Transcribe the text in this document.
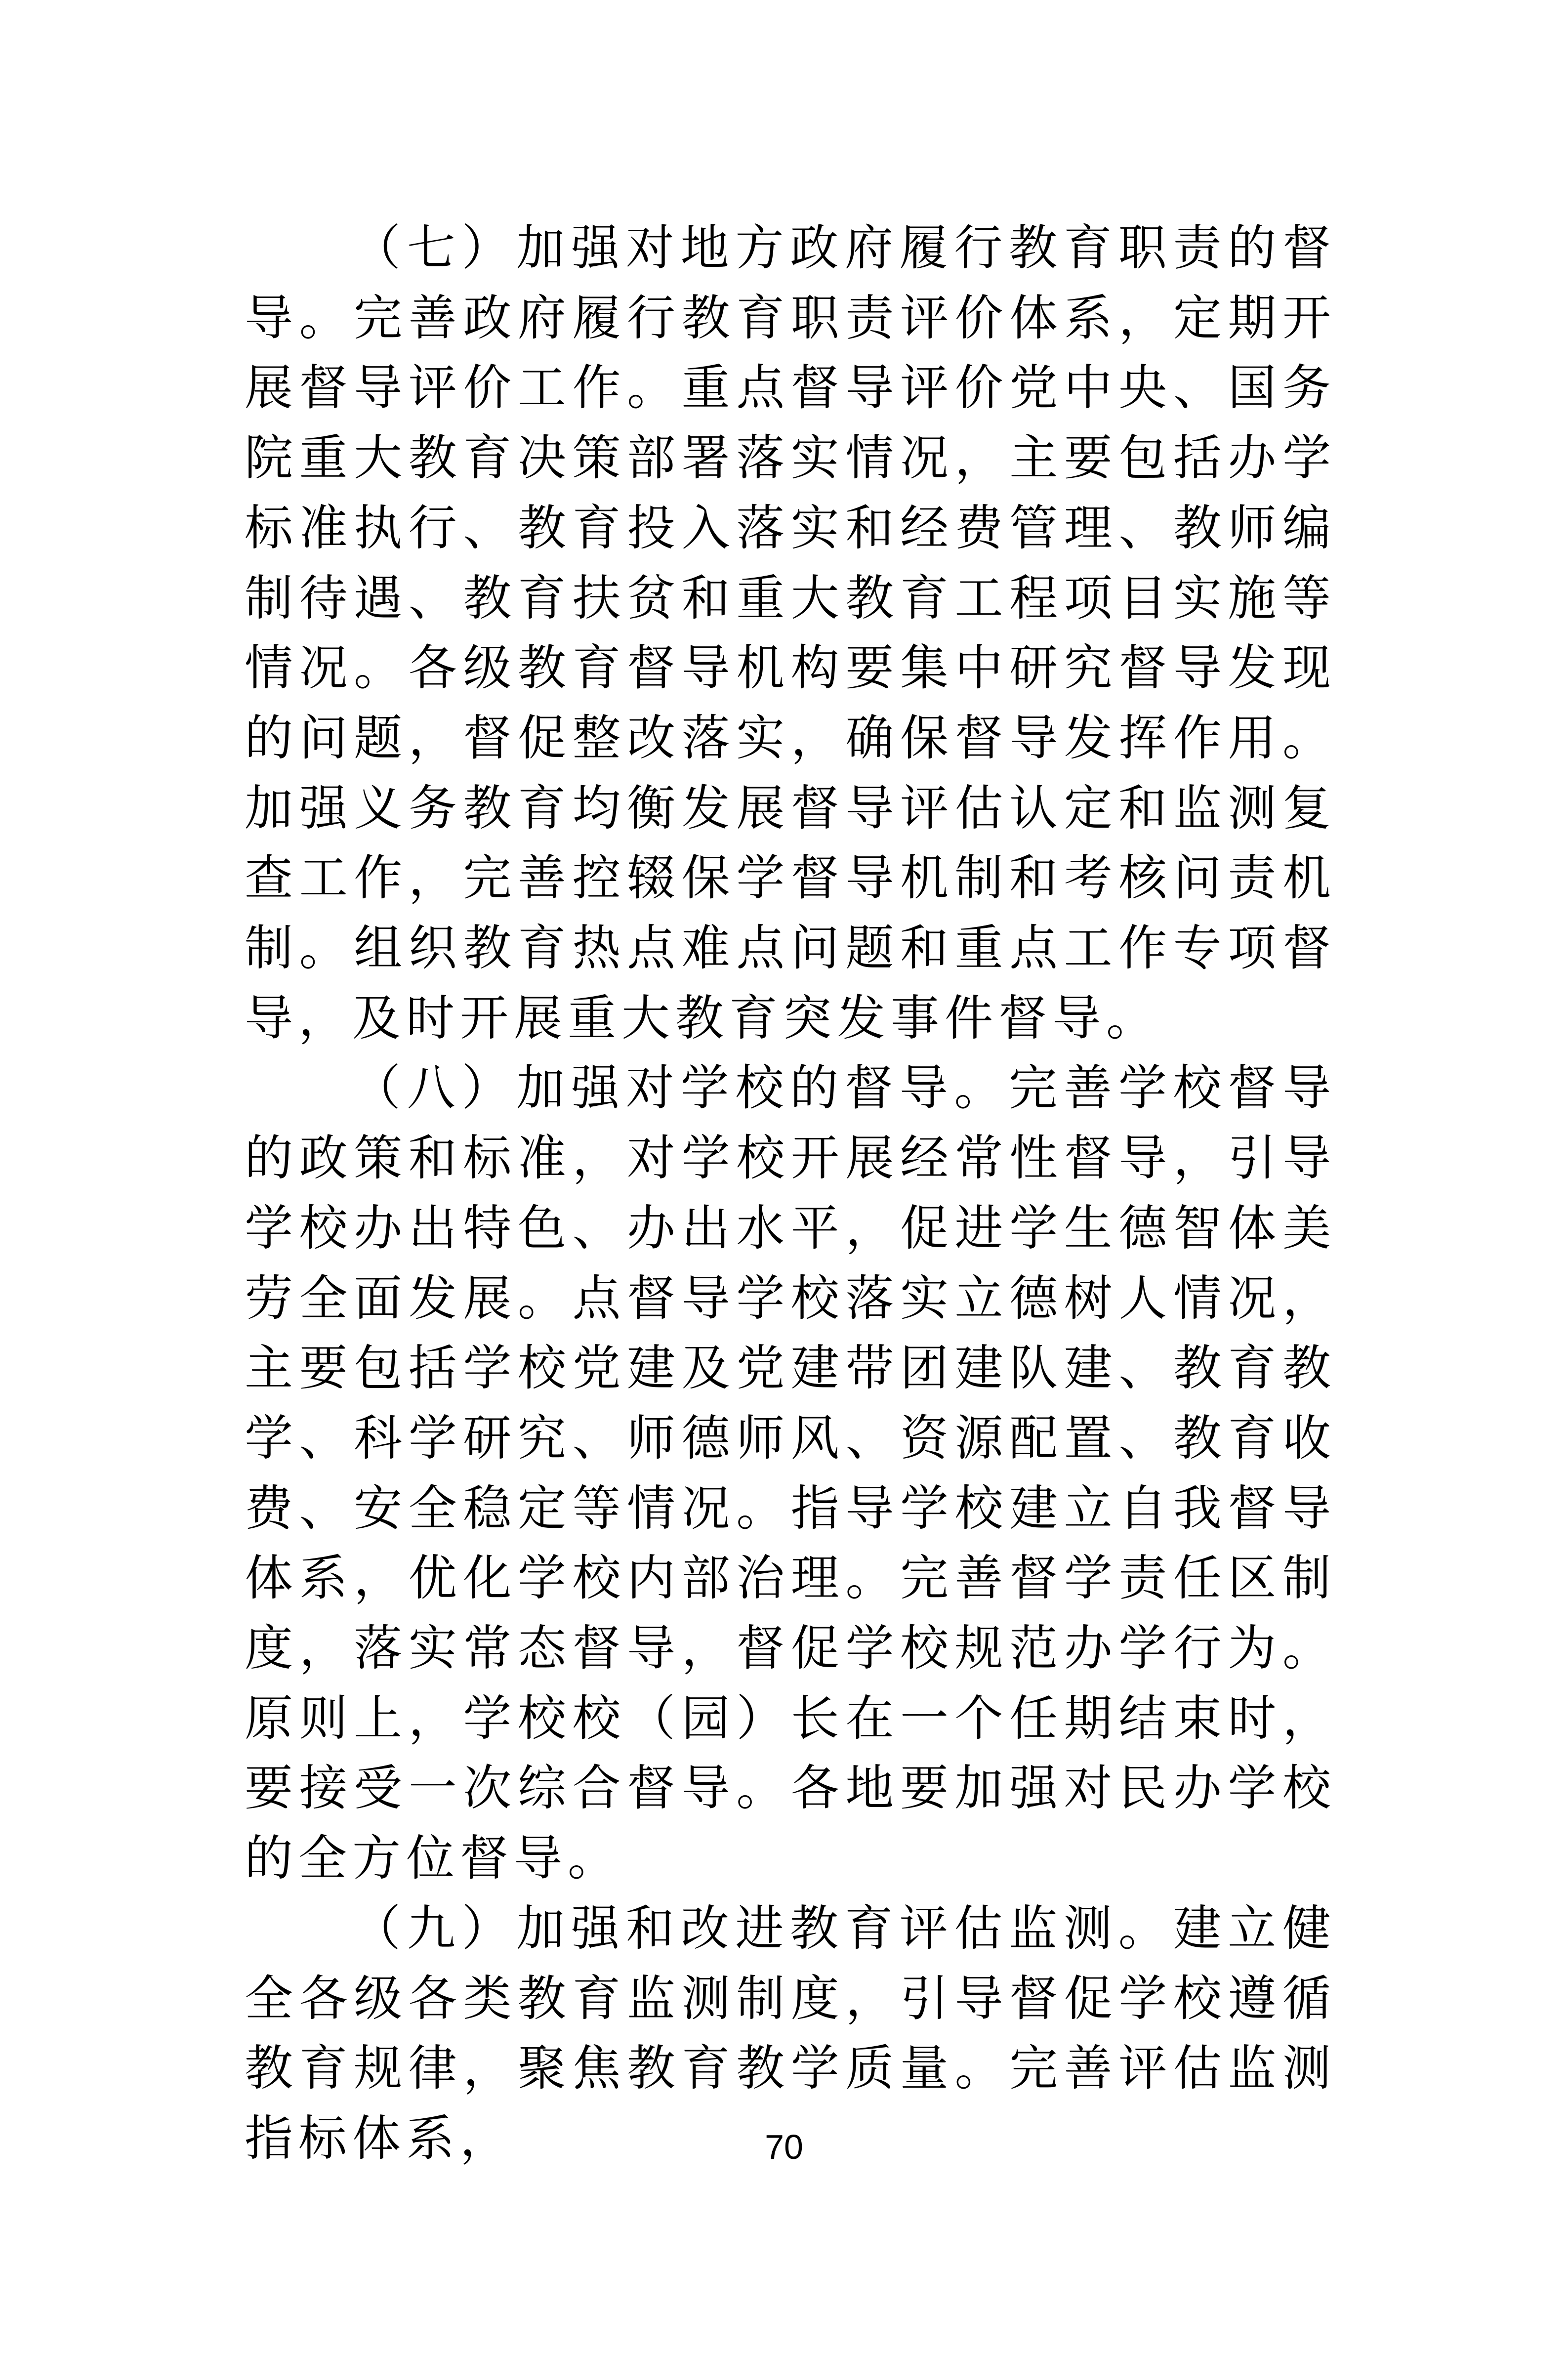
（七）加强对地方政府履行教育职责的督导。完善政府履行教育职责评价体系，定期开展督导评价工作。重点督导评价党中央、国务院重大教育决策部署落实情况，主要包括办学标准执行、教育投入落实和经费管理、教师编制待遇、教育扶贫和重大教育工程项目实施等情况。各级教育督导机构要集中研究督导发现的问题，督促整改落实，确保督导发挥作用。加强义务教育均衡发展督导评估认定和监测复查工作，完善控辍保学督导机制和考核问责机制。组织教育热点难点问题和重点工作专项督导，及时开展重大教育突发事件督导。

（八）加强对学校的督导。完善学校督导的政策和标准，对学校开展经常性督导，引导学校办出特色、办出水平，促进学生德智体美劳全面发展。点督导学校落实立德树人情况，主要包括学校党建及党建带团建队建、教育教学、科学研究、师德师风、资源配置、教育收费、安全稳定等情况。指导学校建立自我督导体系，优化学校内部治理。完善督学责任区制度，落实常态督导，督促学校规范办学行为。原则上，学校校（园）长在一个任期结束时，要接受一次综合督导。各地要加强对民办学校的全方位督导。

（九）加强和改进教育评估监测。建立健全各级各类教育监测制度，引导督促学校遵循教育规律，聚焦教育教学质量。完善评估监测指标体系，	70
